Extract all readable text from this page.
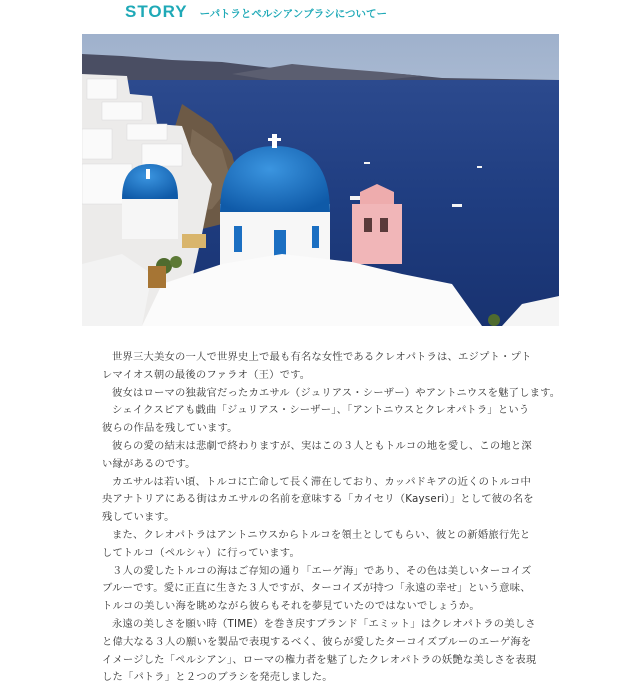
STORY ーパトラとペルシアンブラシについてー

世界三大美女の一人で世界史上で最も有名な女性であるクレオパトラは、エジプト・プト

レマイオス朝の最後のファラオ（王）です。

彼女はローマの独裁官だったカエサル（ジュリアス・シーザー）やアントニウスを魅了します。

シェイクスピアも戯曲「ジュリアス・シーザー」、「アントニウスとクレオパトラ」という

彼らの作品を残しています。

彼らの愛の結末は悲劇で終わりますが、実はこの３人ともトルコの地を愛し、この地と深

い縁があるのです。

カエサルは若い頃、トルコに亡命して長く滞在しており、カッパドキアの近くのトルコ中

央アナトリアにある街はカエサルの名前を意味する「カイセリ（Kayseri）」として彼の名を

残しています。

また、クレオパトラはアントニウスからトルコを領土としてもらい、彼との新婚旅行先と

してトルコ（ペルシャ）に行っています。

３人の愛したトルコの海はご存知の通り「エーゲ海」であり、その色は美しいターコイズ

ブルーです。愛に正直に生きた３人ですが、ターコイズが持つ「永遠の幸せ」という意味、

トルコの美しい海を眺めながら彼らもそれを夢見ていたのではないでしょうか。

永遠の美しさを願い時（TIME）を巻き戻すブランド「エミット」はクレオパトラの美しさ

と偉大なる３人の願いを製品で表現するべく、彼らが愛したターコイズブルーのエーゲ海を

イメージした「ペルシアン」、ローマの権力者を魅了したクレオパトラの妖艶な美しさを表現

した「パトラ」と２つのブラシを発売しました。
